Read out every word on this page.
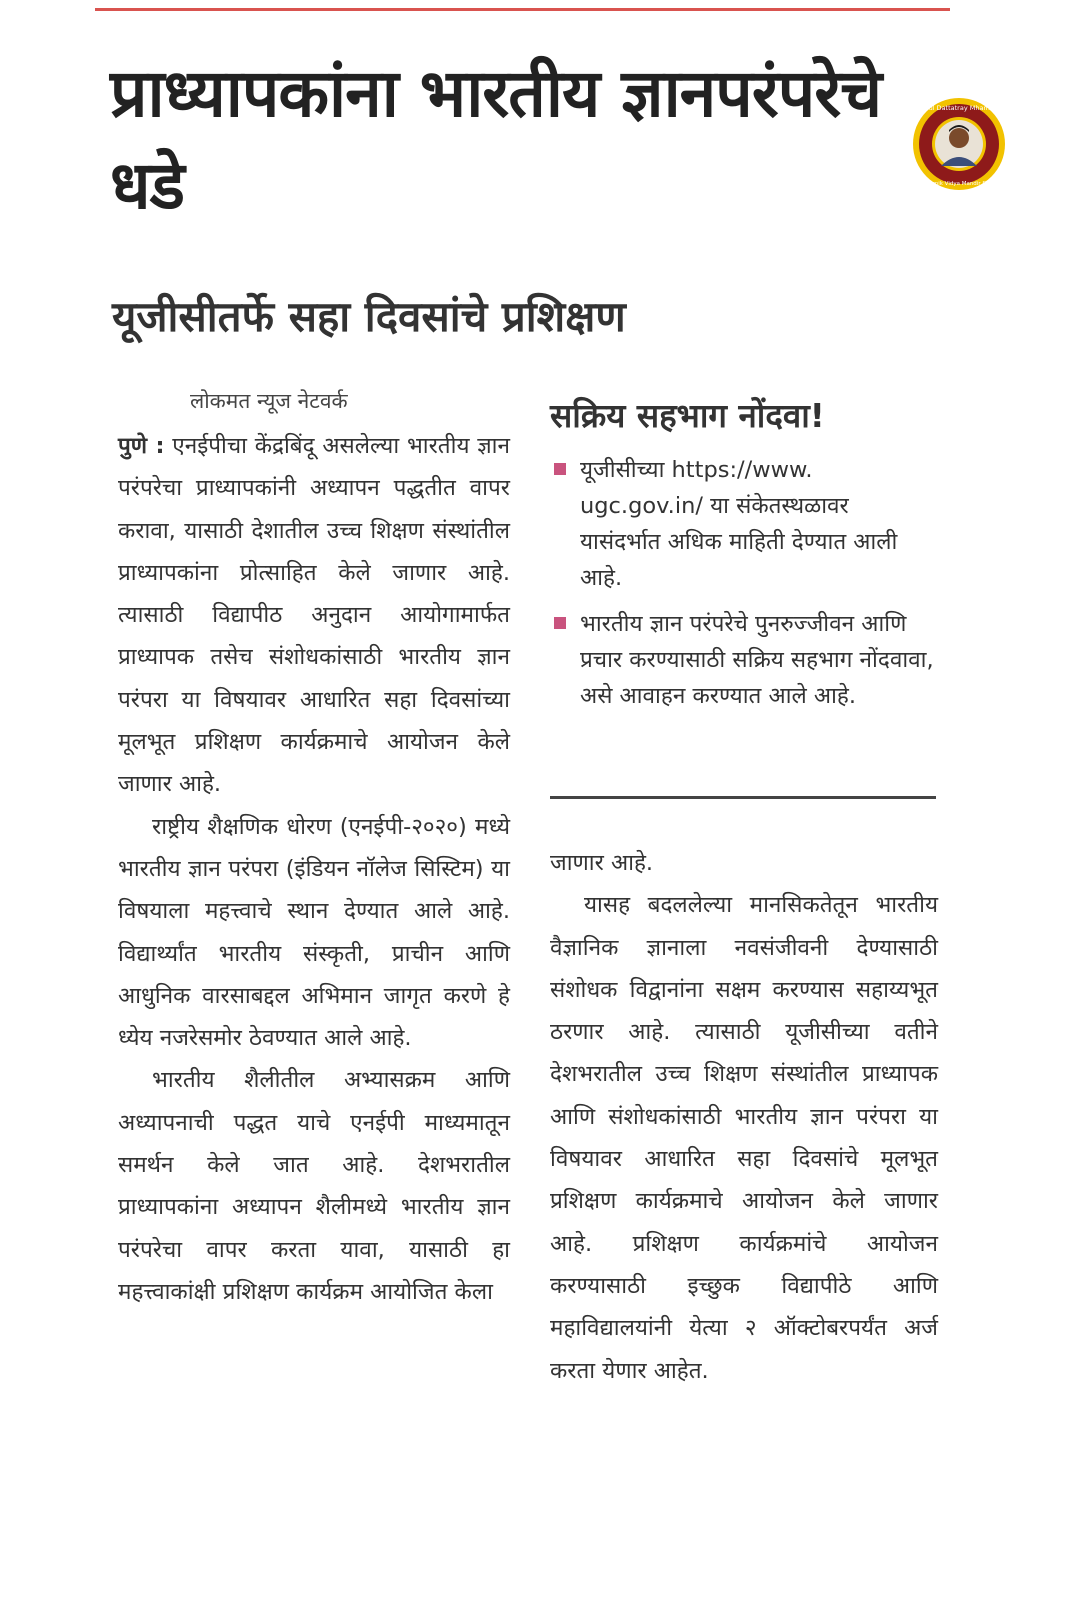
प्राध्यापकांना भारतीय ज्ञानपरंपरेचे धडे
यूजीसीतर्फे सहा दिवसांचे प्रशिक्षण
Rahul Dattatray Mhamane
Prathmik Vidya Mandir Barshi
लोकमत न्यूज नेटवर्क

पुणे : एनईपीचा केंद्रबिंदू असलेल्या भारतीय ज्ञान परंपरेचा प्राध्यापकांनी अध्यापन पद्धतीत वापर करावा, यासाठी देशातील उच्च शिक्षण संस्थांतील प्राध्यापकांना प्रोत्साहित केले जाणार आहे. त्यासाठी विद्यापीठ अनुदान आयोगामार्फत प्राध्यापक तसेच संशोधकांसाठी भारतीय ज्ञान परंपरा या विषयावर आधारित सहा दिवसांच्या मूलभूत प्रशिक्षण कार्यक्रमाचे आयोजन केले जाणार आहे.

राष्ट्रीय शैक्षणिक धोरण (एनईपी-२०२०) मध्ये भारतीय ज्ञान परंपरा (इंडियन नॉलेज सिस्टिम) या विषयाला महत्त्वाचे स्थान देण्यात आले आहे. विद्यार्थ्यांत भारतीय संस्कृती, प्राचीन आणि आधुनिक वारसाबद्दल अभिमान जागृत करणे हे ध्येय नजरेसमोर ठेवण्यात आले आहे.

भारतीय शैलीतील अभ्यासक्रम आणि अध्यापनाची पद्धत याचे एनईपी माध्यमातून समर्थन केले जात आहे. देशभरातील प्राध्यापकांना अध्यापन शैलीमध्ये भारतीय ज्ञान परंपरेचा वापर करता यावा, यासाठी हा महत्त्वाकांक्षी प्रशिक्षण कार्यक्रम आयोजित केला

सक्रिय सहभाग नोंदवा!
यूजीसीच्या https://www. ugc.gov.in/ या संकेतस्थळावर यासंदर्भात अधिक माहिती देण्यात आली आहे.
भारतीय ज्ञान परंपरेचे पुनरुज्जीवन आणि प्रचार करण्यासाठी सक्रिय सहभाग नोंदवावा, असे आवाहन करण्यात आले आहे.

जाणार आहे.

यासह बदललेल्या मानसिकतेतून भारतीय वैज्ञानिक ज्ञानाला नवसंजीवनी देण्यासाठी संशोधक विद्वानांना सक्षम करण्यास सहाय्यभूत ठरणार आहे. त्यासाठी यूजीसीच्या वतीने देशभरातील उच्च शिक्षण संस्थांतील प्राध्यापक आणि संशोधकांसाठी भारतीय ज्ञान परंपरा या विषयावर आधारित सहा दिवसांचे मूलभूत प्रशिक्षण कार्यक्रमाचे आयोजन केले जाणार आहे. प्रशिक्षण कार्यक्रमांचे आयोजन करण्यासाठी इच्छुक विद्यापीठे आणि महाविद्यालयांनी येत्या २ ऑक्टोबरपर्यंत अर्ज करता येणार आहेत.
